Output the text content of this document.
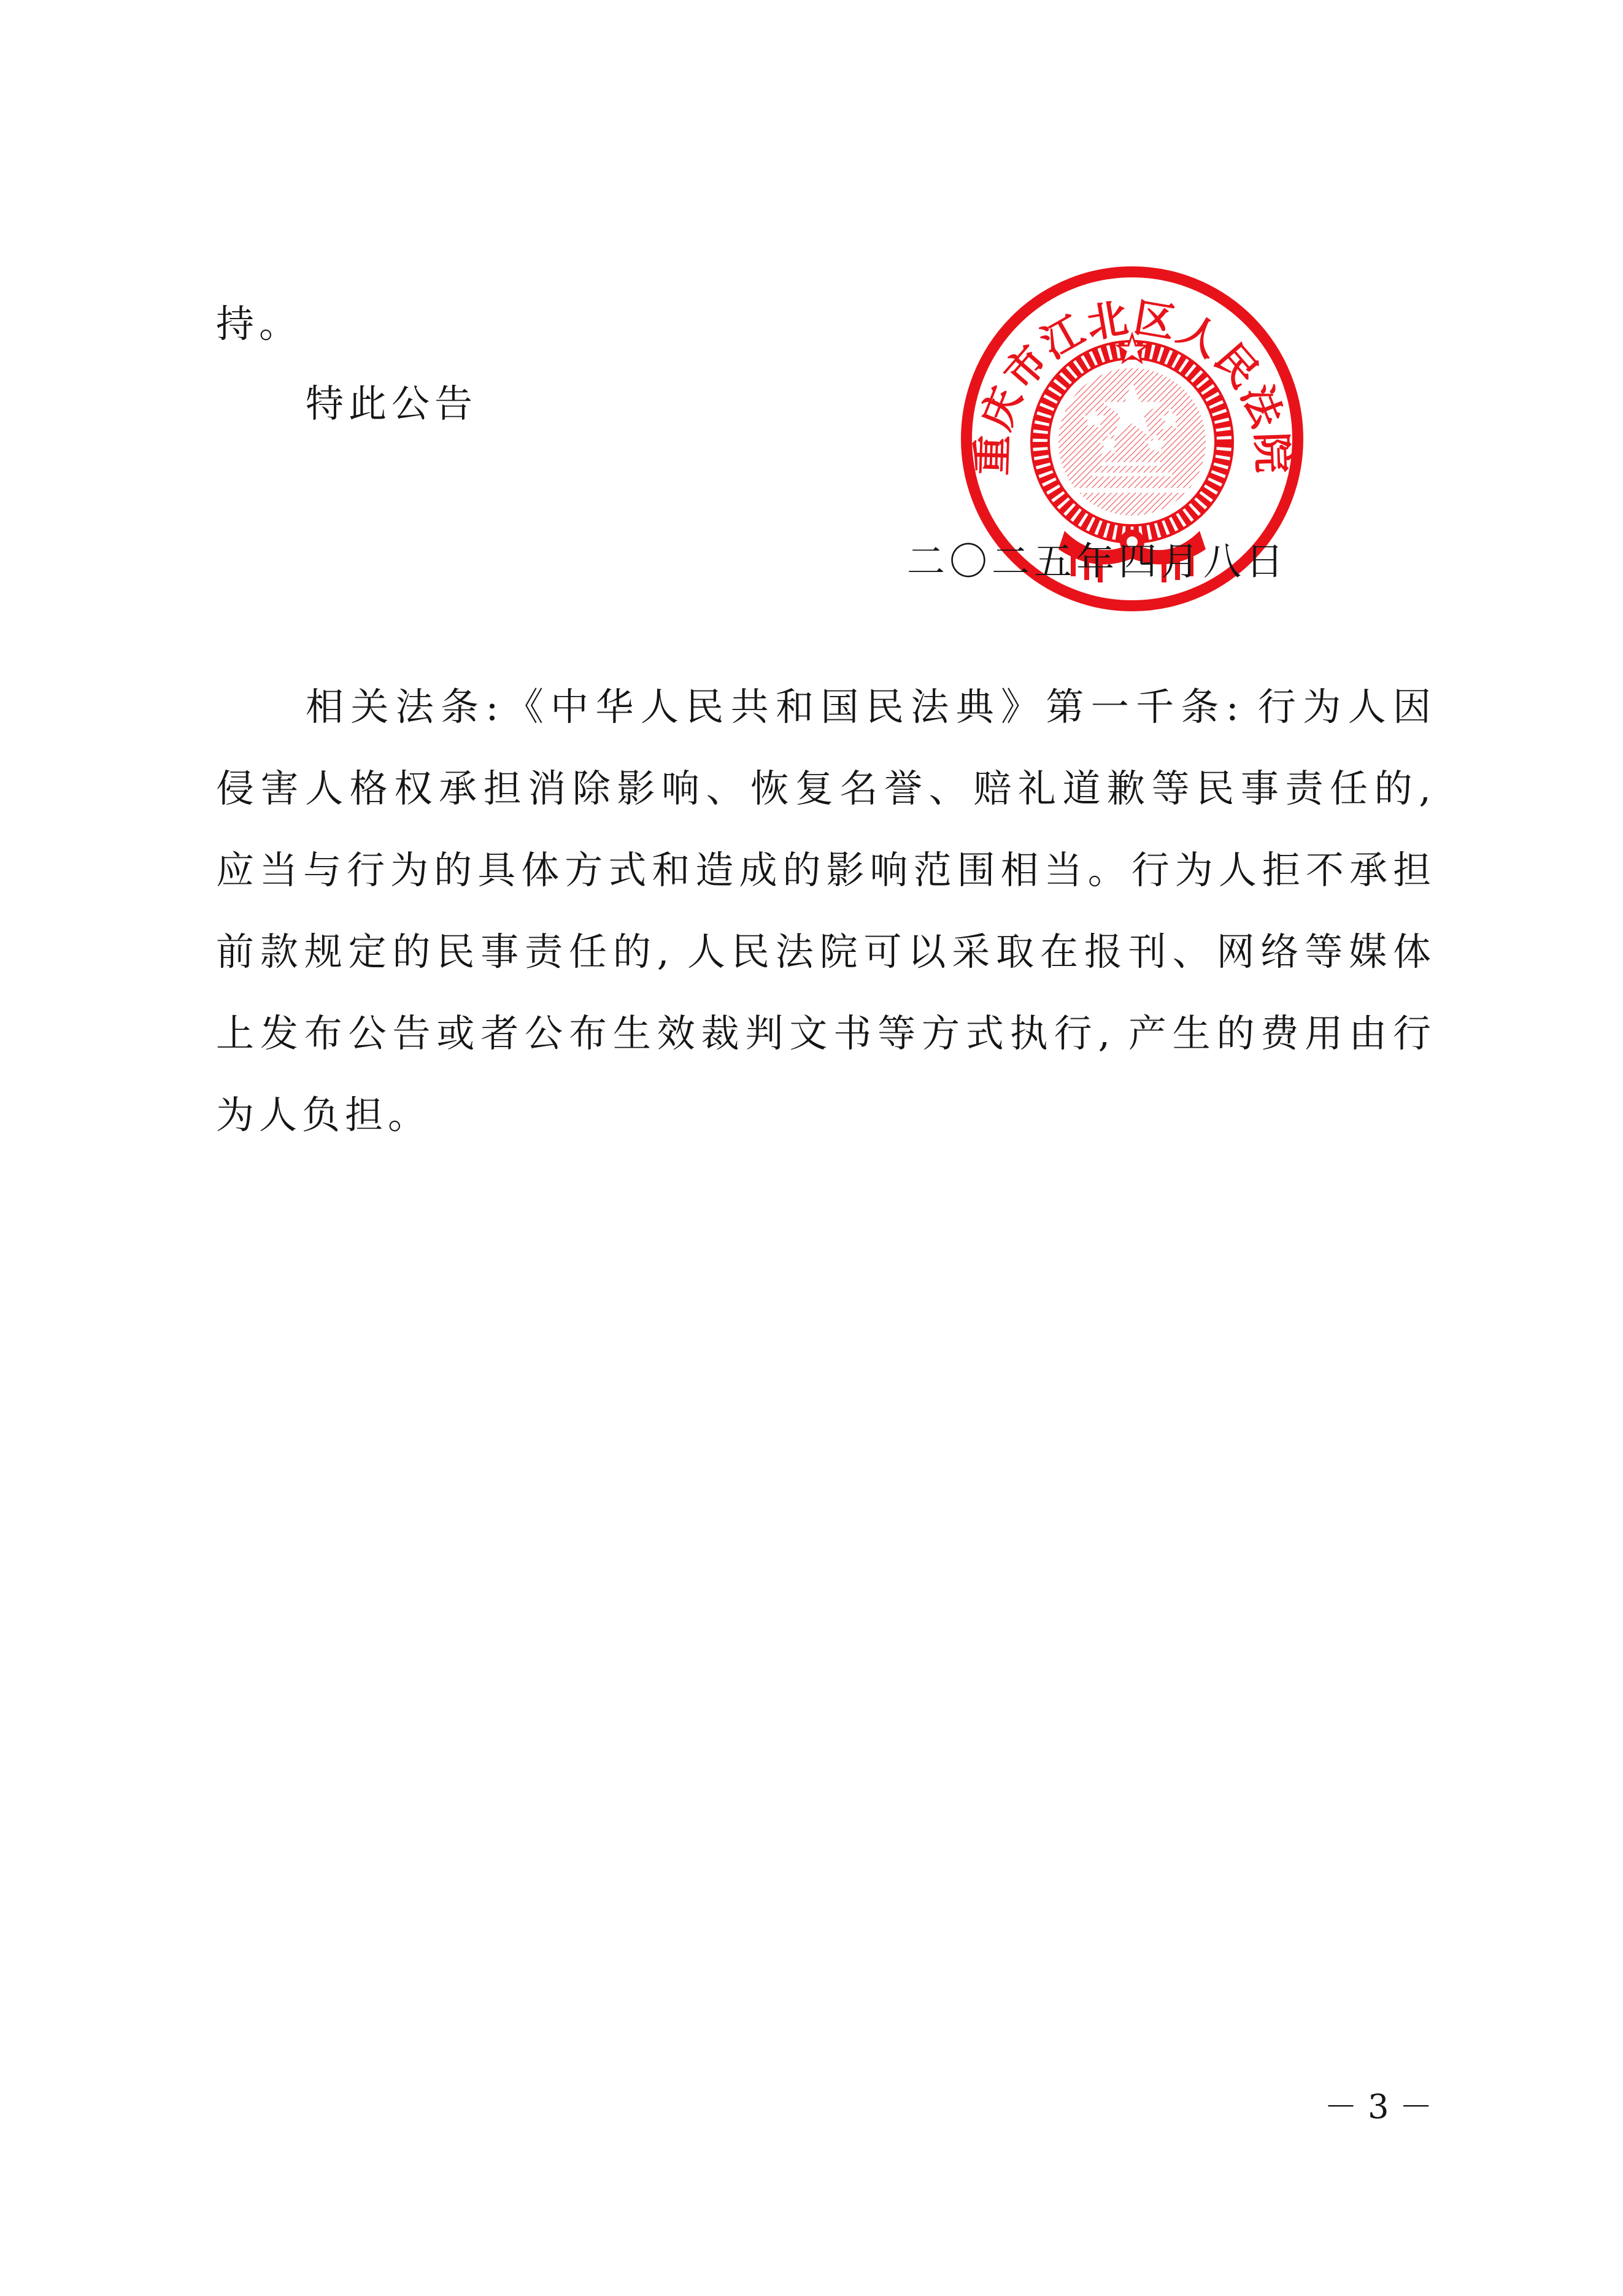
持。
特此公告
重庆市江北区人民法院
二〇二五年四月八日
相关法条:《中华人民共和国民法典》第一千条: 行为人因
侵害人格权承担消除影响、恢复名誉、赔礼道歉等民事责任的,
应当与行为的具体方式和造成的影响范围相当。行为人拒不承担
前款规定的民事责任的, 人民法院可以采取在报刊、网络等媒体
上发布公告或者公布生效裁判文书等方式执行, 产生的费用由行
为人负担。
－ 3 －
